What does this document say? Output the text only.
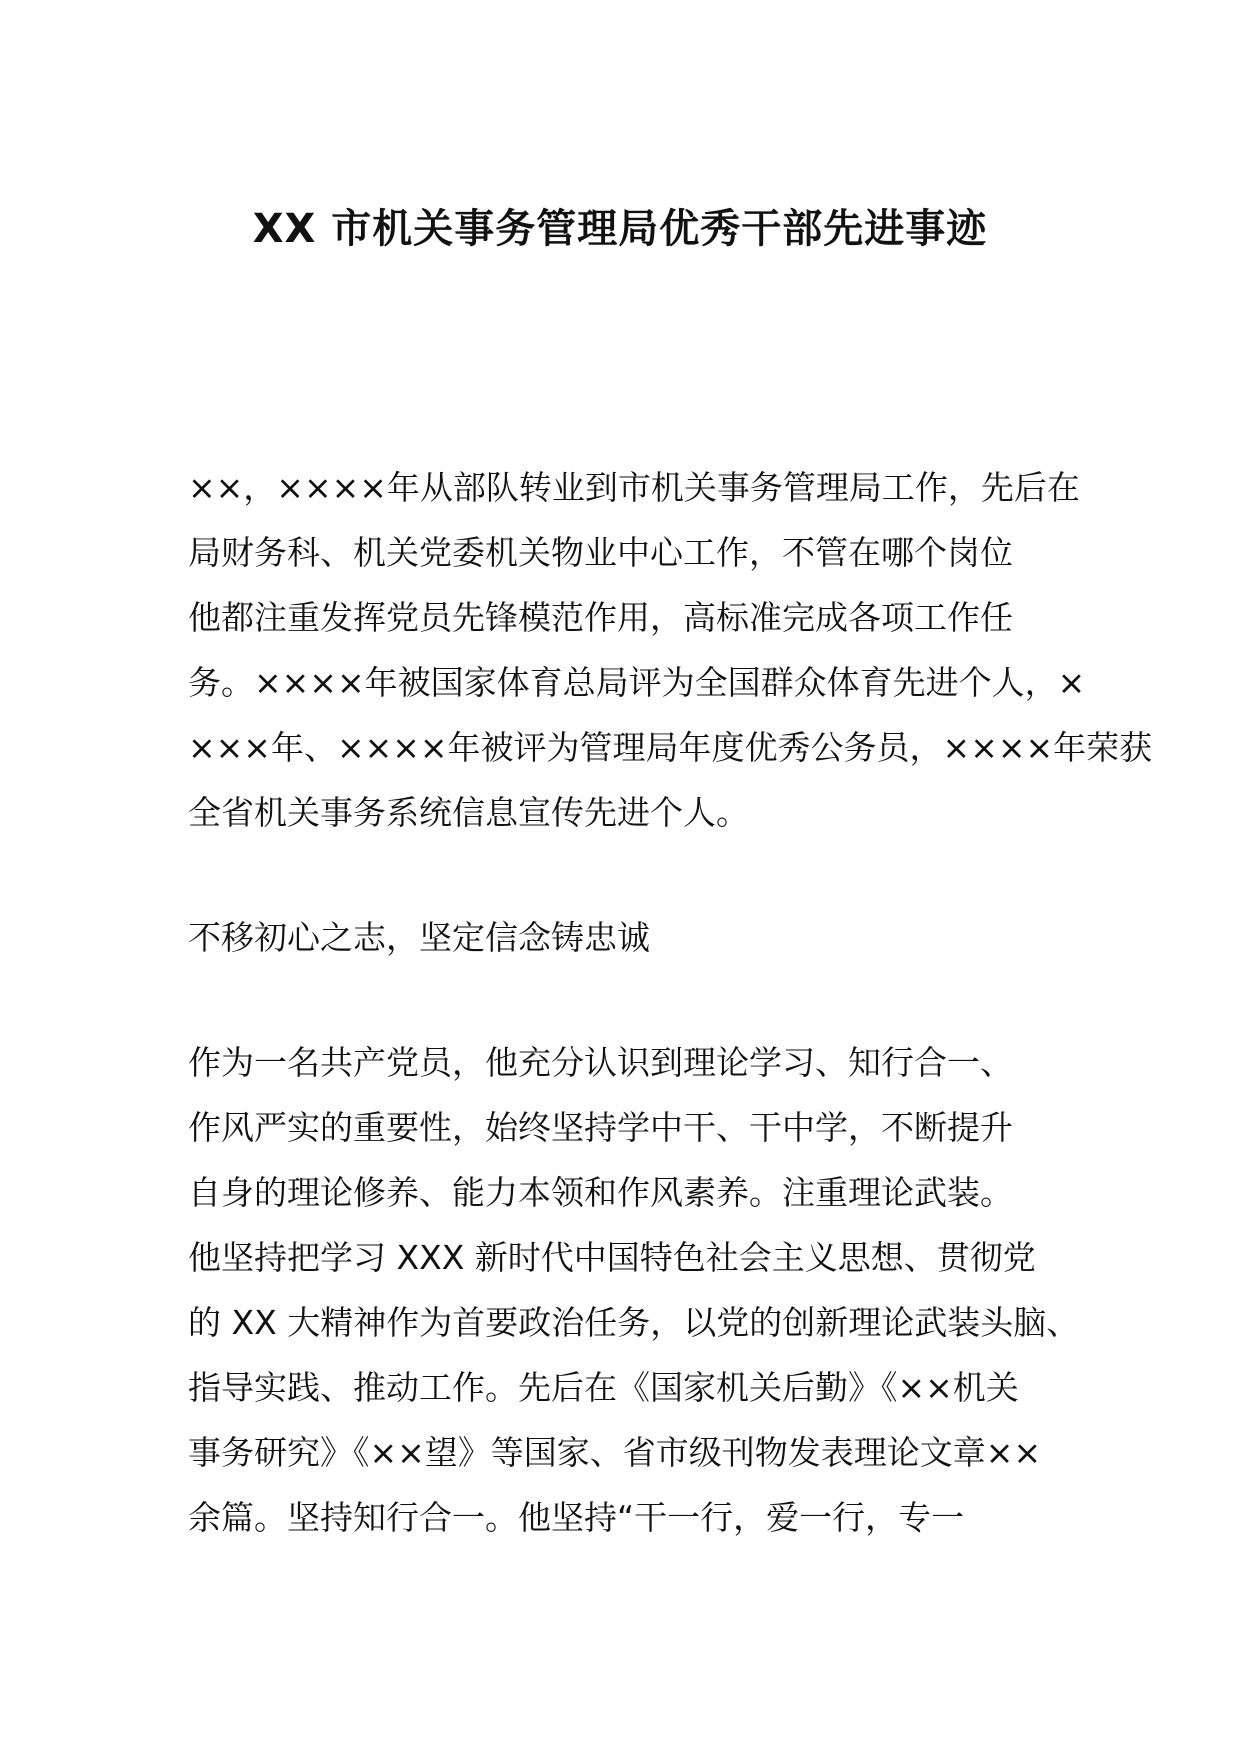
XX 市机关事务管理局优秀干部先进事迹
××，××××年从部队转业到市机关事务管理局工作，先后在
局财务科、机关党委机关物业中心工作，不管在哪个岗位
他都注重发挥党员先锋模范作用，高标准完成各项工作任
务。××××年被国家体育总局评为全国群众体育先进个人，×
×××年、××××年被评为管理局年度优秀公务员，××××年荣获
全省机关事务系统信息宣传先进个人。
不移初心之志，坚定信念铸忠诚
作为一名共产党员，他充分认识到理论学习、知行合一、
作风严实的重要性，始终坚持学中干、干中学，不断提升
自身的理论修养、能力本领和作风素养。注重理论武装。
他坚持把学习 XXX 新时代中国特色社会主义思想、贯彻党
的 XX 大精神作为首要政治任务，以党的创新理论武装头脑、
指导实践、推动工作。先后在《国家机关后勤》《××机关
事务研究》《××望》等国家、省市级刊物发表理论文章××
余篇。坚持知行合一。他坚持“干一行，爱一行，专一
